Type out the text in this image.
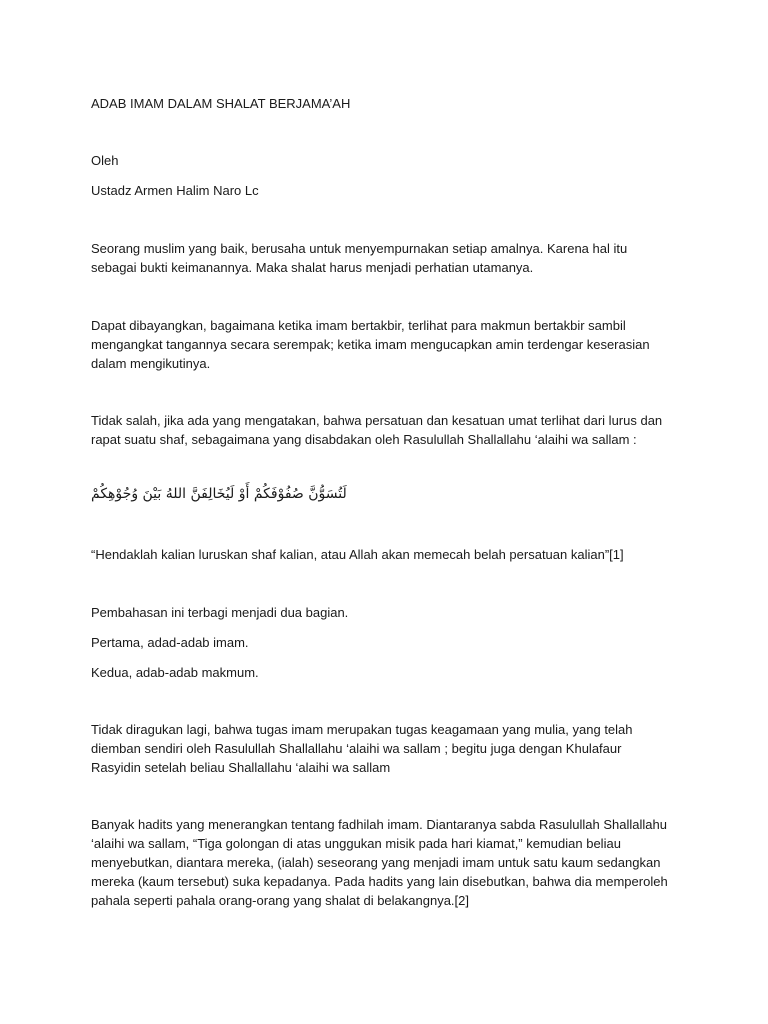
ADAB IMAM DALAM SHALAT BERJAMA’AH
Oleh
Ustadz Armen Halim Naro Lc
Seorang muslim yang baik, berusaha untuk menyempurnakan setiap amalnya. Karena hal itu sebagai bukti keimanannya. Maka shalat harus menjadi perhatian utamanya.
Dapat dibayangkan, bagaimana ketika imam bertakbir, terlihat para makmun bertakbir sambil mengangkat tangannya secara serempak; ketika imam mengucapkan amin terdengar keserasian dalam mengikutinya.
Tidak salah, jika ada yang mengatakan, bahwa persatuan dan kesatuan umat terlihat dari lurus dan rapat suatu shaf, sebagaimana yang disabdakan oleh Rasulullah Shallallahu ‘alaihi wa sallam :
لَتُسَوُّنَّ صُفُوْفَكُمْ أَوْ لَيُخَالِفَنَّ اللهُ بَيْنَ وُجُوْهِكُمْ
“Hendaklah kalian luruskan shaf kalian, atau Allah akan memecah belah persatuan kalian”[1]
Pembahasan ini terbagi menjadi dua bagian.
Pertama, adad-adab imam.
Kedua, adab-adab makmum.
Tidak diragukan lagi, bahwa tugas imam merupakan tugas keagamaan yang mulia, yang telah diemban sendiri oleh Rasulullah Shallallahu ‘alaihi wa sallam ; begitu juga dengan Khulafaur Rasyidin setelah beliau Shallallahu ‘alaihi wa sallam
Banyak hadits yang menerangkan tentang fadhilah imam. Diantaranya sabda Rasulullah Shallallahu ‘alaihi wa sallam, “Tiga golongan di atas unggukan misik pada hari kiamat,” kemudian beliau menyebutkan, diantara mereka, (ialah) seseorang yang menjadi imam untuk satu kaum sedangkan mereka (kaum tersebut) suka kepadanya. Pada hadits yang lain disebutkan, bahwa dia memperoleh pahala seperti pahala orang-orang yang shalat di belakangnya.[2]
